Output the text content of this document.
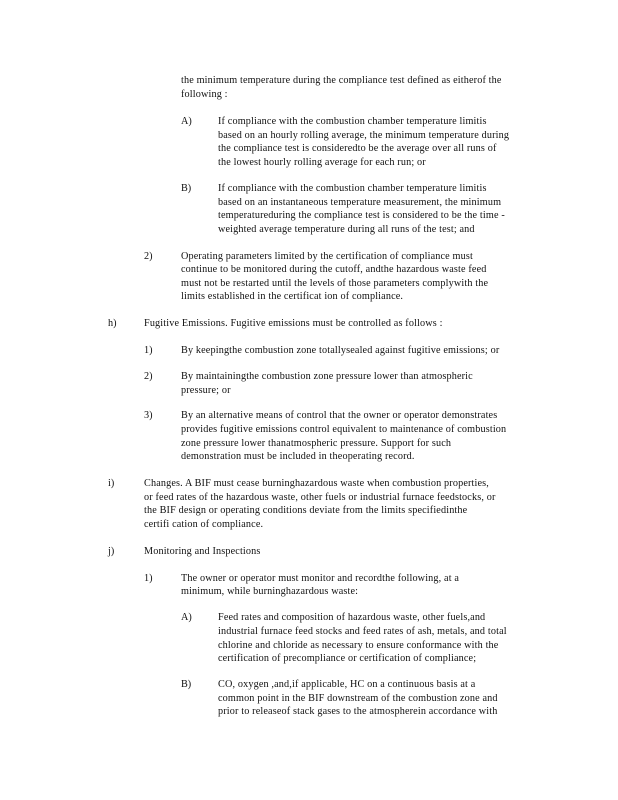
the minimum temperature during the compliance test defined as eitherof the
following :
A)	If compliance with the combustion chamber temperature limitis
based on an hourly rolling average, the minimum temperature during
the compliance test is consideredto be the average over all runs of
the lowest hourly rolling average for each run; or
B)	If compliance with the combustion chamber temperature limitis
based on an instantaneous temperature measurement, the minimum
temperatureduring the compliance test is considered to be the time -
weighted average temperature during all runs of the test; and
2)	Operating parameters limited by the certification of compliance must
continue to be monitored during the cutoff, andthe hazardous waste feed
must not be restarted until the levels of those parameters complywith the
limits established in the certificat ion of compliance.
h)	Fugitive Emissions. Fugitive emissions must be controlled as follows :
1)	By keepingthe combustion zone totallysealed against fugitive emissions; or
2)	By maintainingthe combustion zone pressure lower than atmospheric
pressure; or
3)	By an alternative means of control that the owner or operator demonstrates
provides fugitive emissions control equivalent to maintenance of combustion
zone pressure lower thanatmospheric pressure. Support for such
demonstration must be included in theoperating record.
i)	Changes. A BIF must cease burninghazardous waste when combustion properties,
or feed rates of the hazardous waste, other fuels or industrial furnace feedstocks, or
the BIF design or operating conditions deviate from the limits specifiedinthe
certifi cation of compliance.
j)	Monitoring and Inspections
1)	The owner or operator must monitor and recordthe following, at a
minimum, while burninghazardous waste:
A)	Feed rates and composition of hazardous waste, other fuels,and
industrial furnace feed stocks and feed rates of ash, metals, and total
chlorine and chloride as necessary to ensure conformance with the
certification of precompliance or certification of compliance;
B)	CO, oxygen ,and,if applicable, HC on a continuous basis at a
common point in the BIF downstream of the combustion zone and
prior to releaseof stack gases to the atmospherein accordance with
